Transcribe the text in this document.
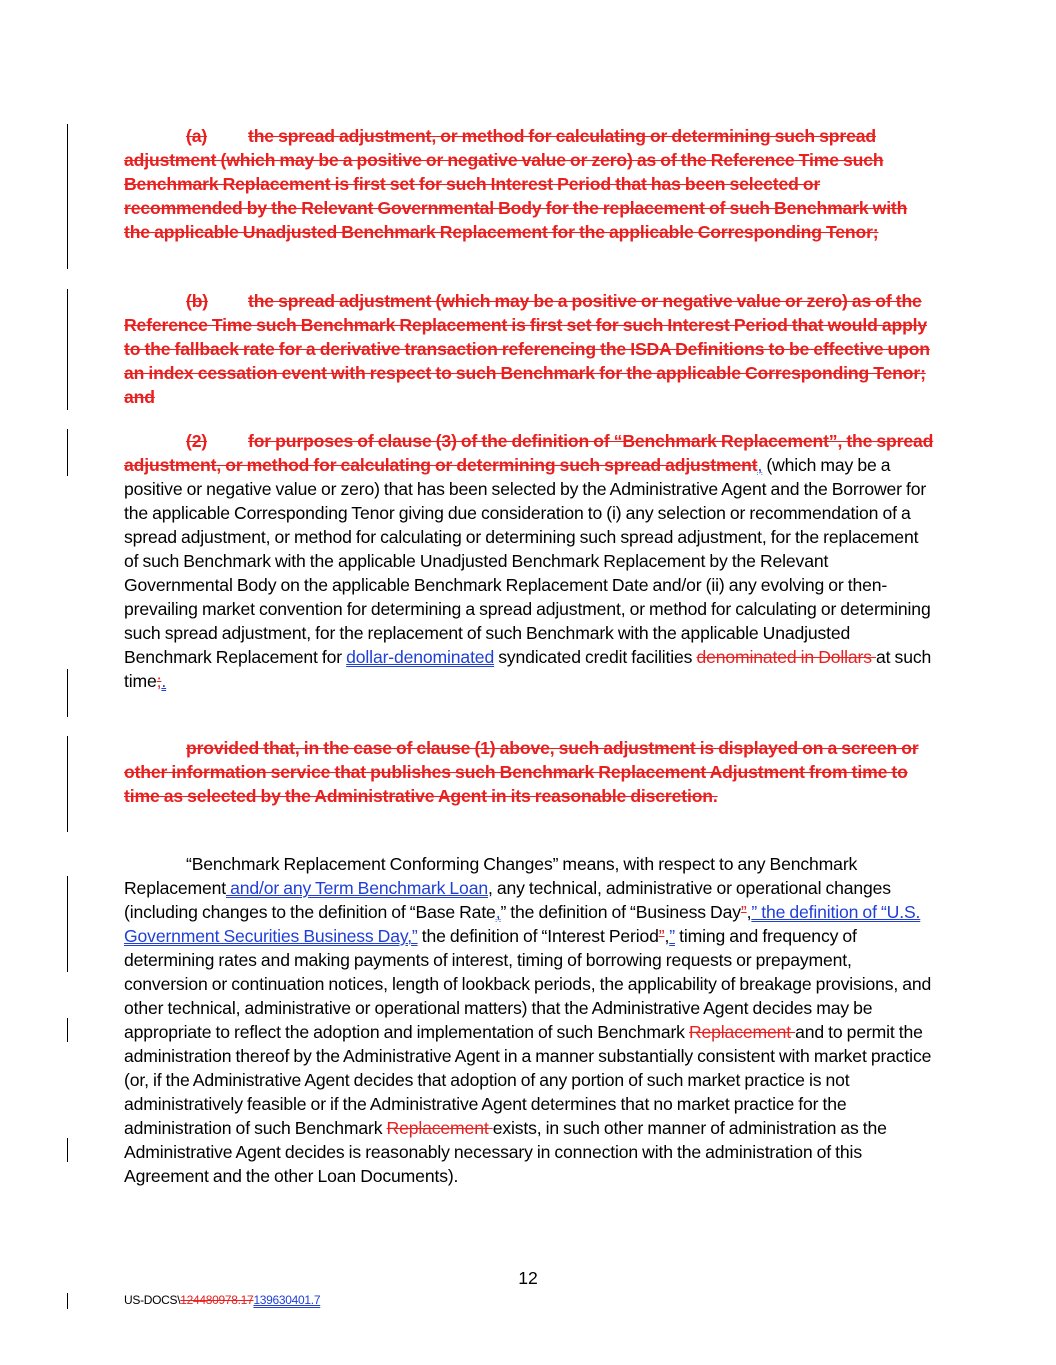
(a) the spread adjustment, or method for calculating or determining such spread adjustment (which may be a positive or negative value or zero) as of the Reference Time such Benchmark Replacement is first set for such Interest Period that has been selected or recommended by the Relevant Governmental Body for the replacement of such Benchmark with the applicable Unadjusted Benchmark Replacement for the applicable Corresponding Tenor;
(b) the spread adjustment (which may be a positive or negative value or zero) as of the Reference Time such Benchmark Replacement is first set for such Interest Period that would apply to the fallback rate for a derivative transaction referencing the ISDA Definitions to be effective upon an index cessation event with respect to such Benchmark for the applicable Corresponding Tenor; and
(2) for purposes of clause (3) of the definition of “Benchmark Replacement”, the spread adjustment, or method for calculating or determining such spread adjustment, (which may be a positive or negative value or zero) that has been selected by the Administrative Agent and the Borrower for the applicable Corresponding Tenor giving due consideration to (i) any selection or recommendation of a spread adjustment, or method for calculating or determining such spread adjustment, for the replacement of such Benchmark with the applicable Unadjusted Benchmark Replacement by the Relevant Governmental Body on the applicable Benchmark Replacement Date and/or (ii) any evolving or then-prevailing market convention for determining a spread adjustment, or method for calculating or determining such spread adjustment, for the replacement of such Benchmark with the applicable Unadjusted Benchmark Replacement for dollar-denominated syndicated credit facilities denominated in Dollars at such time;.
provided that, in the case of clause (1) above, such adjustment is displayed on a screen or other information service that publishes such Benchmark Replacement Adjustment from time to time as selected by the Administrative Agent in its reasonable discretion.
“Benchmark Replacement Conforming Changes” means, with respect to any Benchmark Replacement and/or any Term Benchmark Loan, any technical, administrative or operational changes (including changes to the definition of “Base Rate,” the definition of “Business Day”,” the definition of “U.S. Government Securities Business Day,” the definition of “Interest Period”,” timing and frequency of determining rates and making payments of interest, timing of borrowing requests or prepayment, conversion or continuation notices, length of lookback periods, the applicability of breakage provisions, and other technical, administrative or operational matters) that the Administrative Agent decides may be appropriate to reflect the adoption and implementation of such Benchmark Replacement and to permit the administration thereof by the Administrative Agent in a manner substantially consistent with market practice (or, if the Administrative Agent decides that adoption of any portion of such market practice is not administratively feasible or if the Administrative Agent determines that no market practice for the administration of such Benchmark Replacement exists, in such other manner of administration as the Administrative Agent decides is reasonably necessary in connection with the administration of this Agreement and the other Loan Documents).
12
US-DOCS\124480978.17139630401.7
